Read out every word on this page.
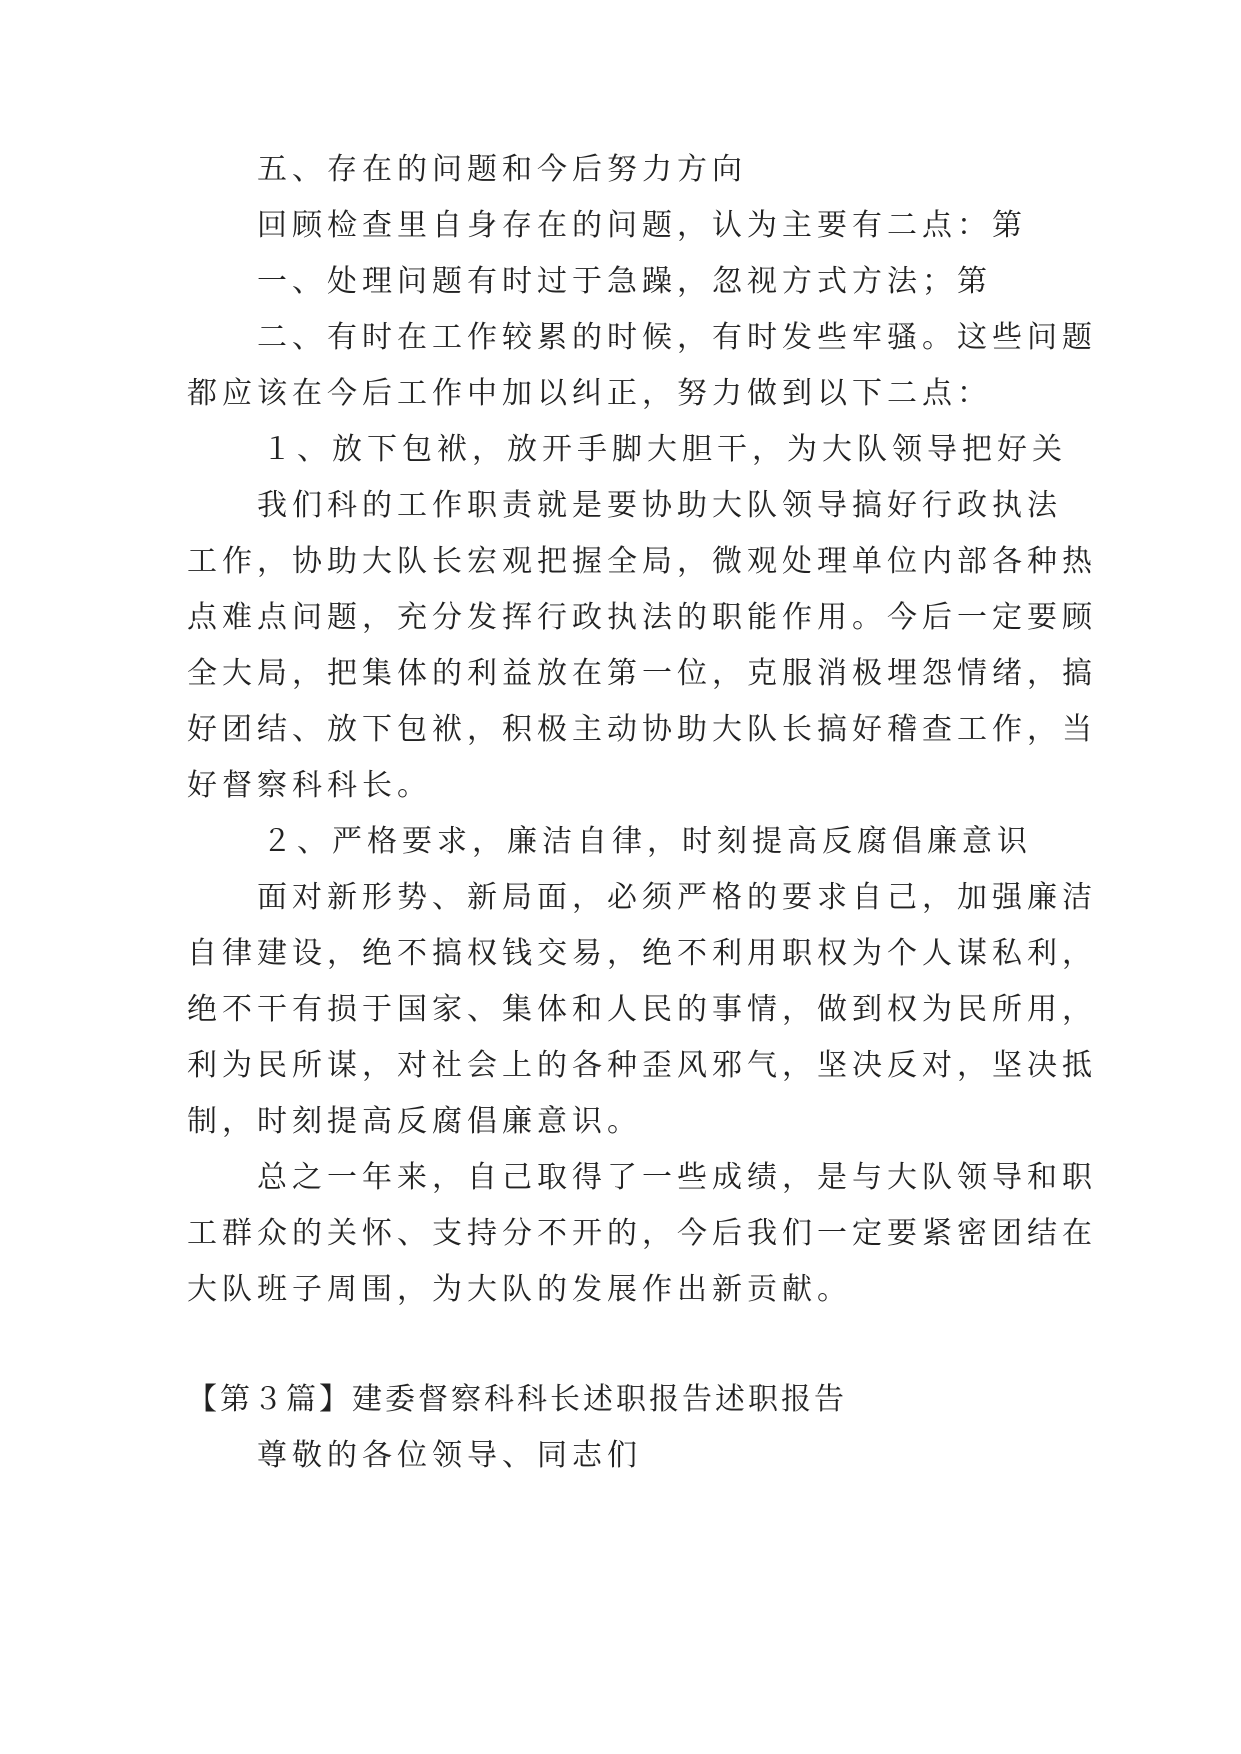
五、存在的问题和今后努力方向
回顾检查里自身存在的问题，认为主要有二点：第
一、处理问题有时过于急躁，忽视方式方法；第
二、有时在工作较累的时候，有时发些牢骚。这些问题
都应该在今后工作中加以纠正，努力做到以下二点：
１、放下包袱，放开手脚大胆干，为大队领导把好关
我们科的工作职责就是要协助大队领导搞好行政执法
工作，协助大队长宏观把握全局，微观处理单位内部各种热
点难点问题，充分发挥行政执法的职能作用。今后一定要顾
全大局，把集体的利益放在第一位，克服消极埋怨情绪，搞
好团结、放下包袱，积极主动协助大队长搞好稽查工作，当
好督察科科长。
２、严格要求，廉洁自律，时刻提高反腐倡廉意识
面对新形势、新局面，必须严格的要求自己，加强廉洁
自律建设，绝不搞权钱交易，绝不利用职权为个人谋私利，
绝不干有损于国家、集体和人民的事情，做到权为民所用，
利为民所谋，对社会上的各种歪风邪气，坚决反对，坚决抵
制，时刻提高反腐倡廉意识。
总之一年来，自己取得了一些成绩，是与大队领导和职
工群众的关怀、支持分不开的，今后我们一定要紧密团结在
大队班子周围，为大队的发展作出新贡献。
【第３篇】建委督察科科长述职报告述职报告
尊敬的各位领导、同志们
